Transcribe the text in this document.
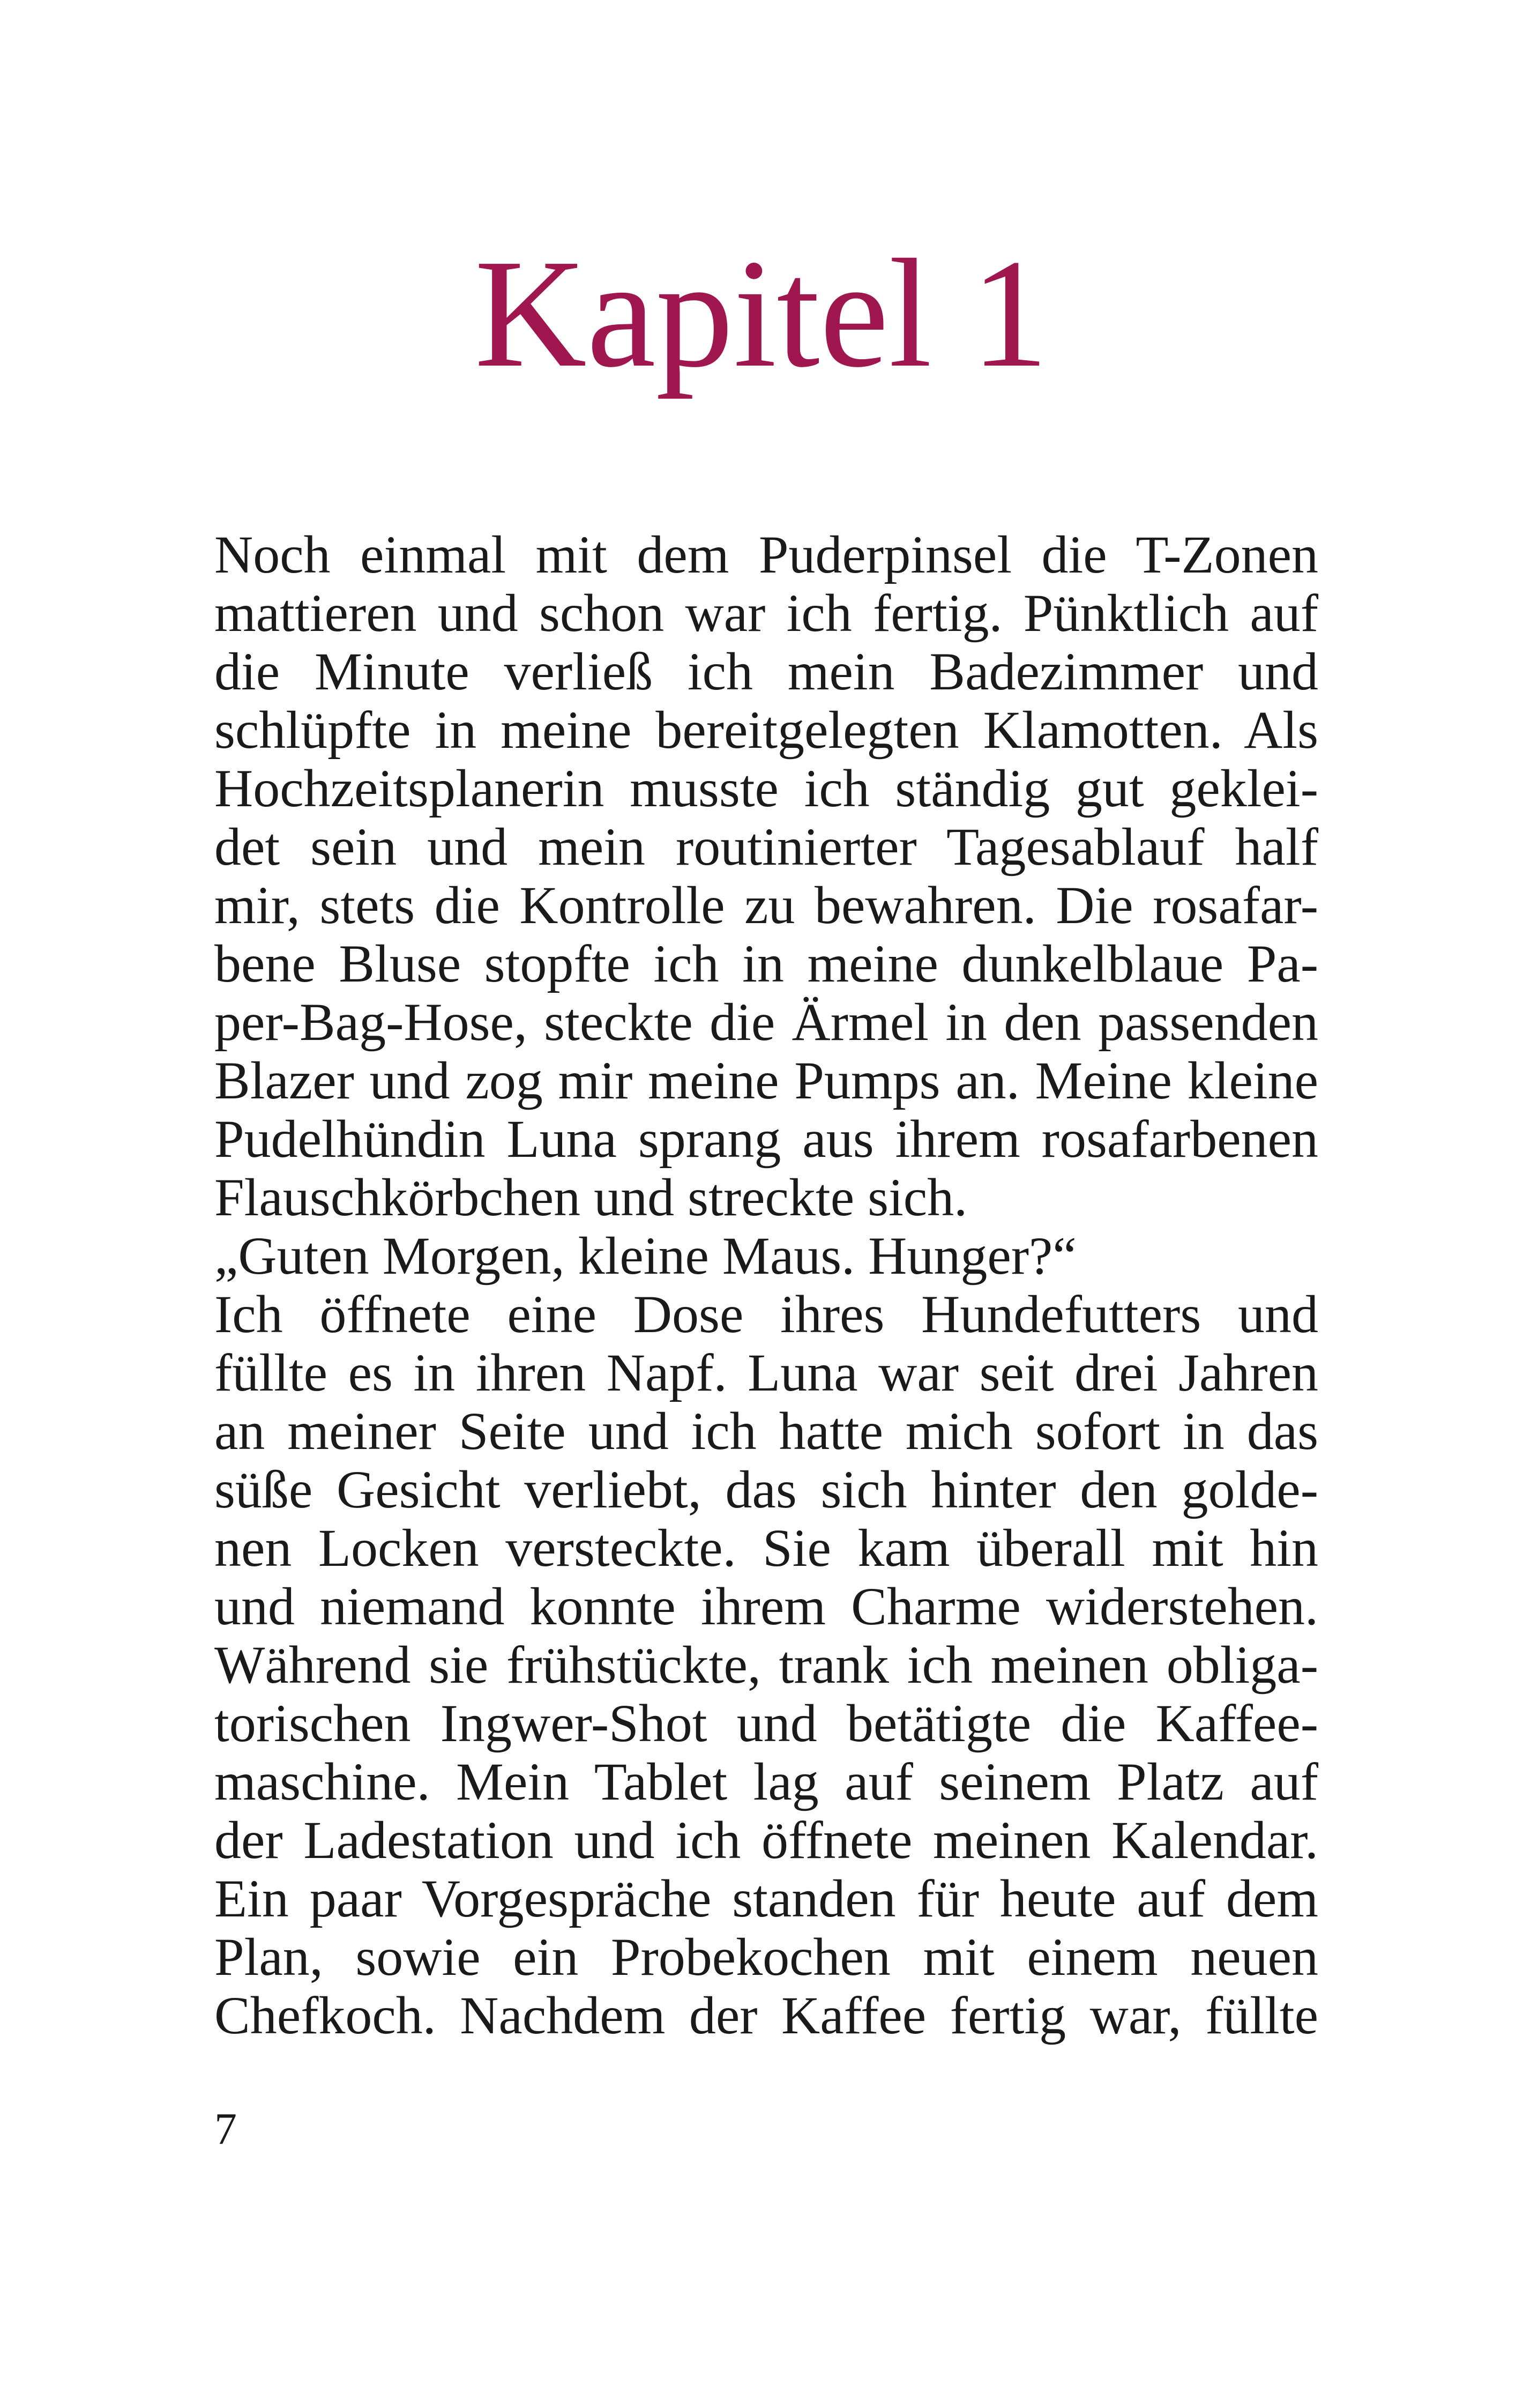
Kapitel 1
Noch einmal mit dem Puderpinsel die T-Zonen
mattieren und schon war ich fertig. Pünktlich auf
die Minute verließ ich mein Badezimmer und
schlüpfte in meine bereitgelegten Klamotten. Als
Hochzeitsplanerin musste ich ständig gut geklei-
det sein und mein routinierter Tagesablauf half
mir, stets die Kontrolle zu bewahren. Die rosafar-
bene Bluse stopfte ich in meine dunkelblaue Pa-
per-Bag-Hose, steckte die Ärmel in den passenden
Blazer und zog mir meine Pumps an. Meine kleine
Pudelhündin Luna sprang aus ihrem rosafarbenen
Flauschkörbchen und streckte sich.
„Guten Morgen, kleine Maus. Hunger?“
Ich öffnete eine Dose ihres Hundefutters und
füllte es in ihren Napf. Luna war seit drei Jahren
an meiner Seite und ich hatte mich sofort in das
süße Gesicht verliebt, das sich hinter den golde-
nen Locken versteckte. Sie kam überall mit hin
und niemand konnte ihrem Charme widerstehen.
Während sie frühstückte, trank ich meinen obliga-
torischen Ingwer-Shot und betätigte die Kaffee-
maschine. Mein Tablet lag auf seinem Platz auf
der Ladestation und ich öffnete meinen Kalendar.
Ein paar Vorgespräche standen für heute auf dem
Plan, sowie ein Probekochen mit einem neuen
Chefkoch. Nachdem der Kaffee fertig war, füllte
7
